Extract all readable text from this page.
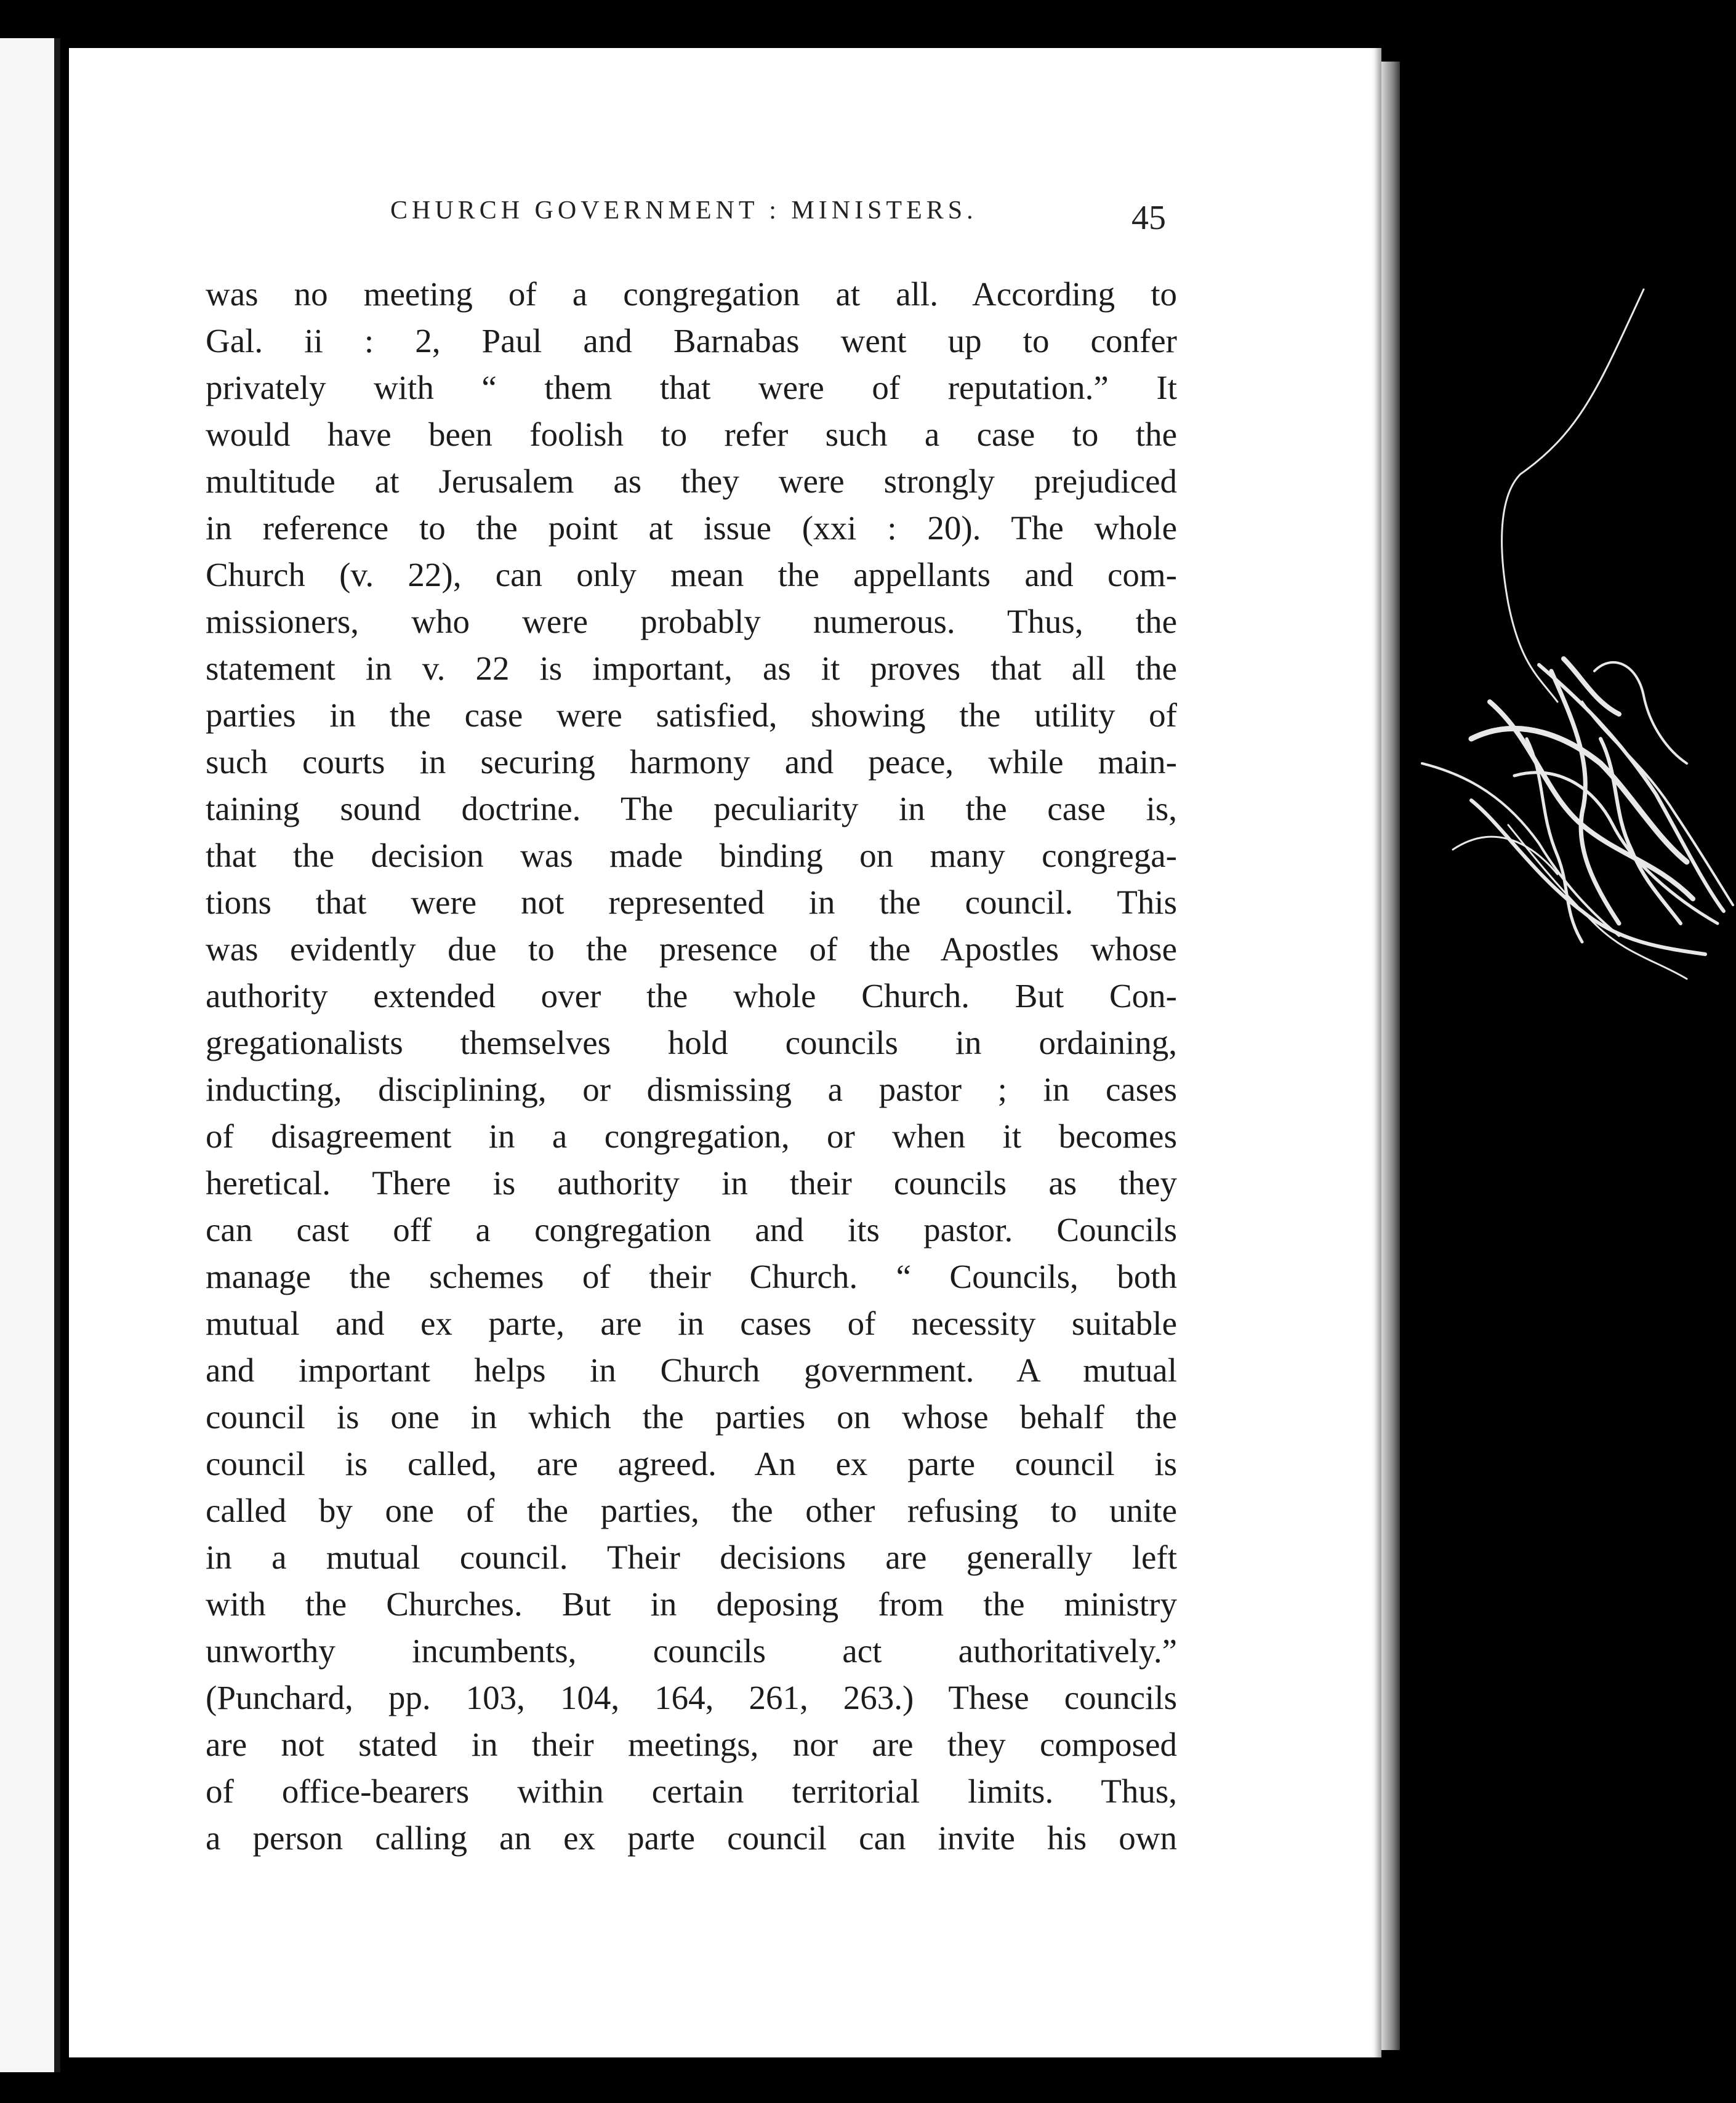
CHURCH GOVERNMENT : MINISTERS.	45
was no meeting of a congregation at all. According to
Gal. ii : 2, Paul and Barnabas went up to confer
privately with “ them that were of reputation.” It
would have been foolish to refer such a case to the
multitude at Jerusalem as they were strongly prejudiced
in reference to the point at issue (xxi : 20). The whole
Church (v. 22), can only mean the appellants and com-
missioners, who were probably numerous. Thus, the
statement in v. 22 is important, as it proves that all the
parties in the case were satisfied, showing the utility of
such courts in securing harmony and peace, while main-
taining sound doctrine. The peculiarity in the case is,
that the decision was made binding on many congrega-
tions that were not represented in the council. This
was evidently due to the presence of the Apostles whose
authority extended over the whole Church. But Con-
gregationalists themselves hold councils in ordaining,
inducting, disciplining, or dismissing a pastor ; in cases
of disagreement in a congregation, or when it becomes
heretical. There is authority in their councils as they
can cast off a congregation and its pastor. Councils
manage the schemes of their Church. “ Councils, both
mutual and ex parte, are in cases of necessity suitable
and important helps in Church government. A mutual
council is one in which the parties on whose behalf the
council is called, are agreed. An ex parte council is
called by one of the parties, the other refusing to unite
in a mutual council. Their decisions are generally left
with the Churches. But in deposing from the ministry
unworthy incumbents, councils act authoritatively.”
(Punchard, pp. 103, 104, 164, 261, 263.) These councils
are not stated in their meetings, nor are they composed
of office-bearers within certain territorial limits. Thus,
a person calling an ex parte council can invite his own
